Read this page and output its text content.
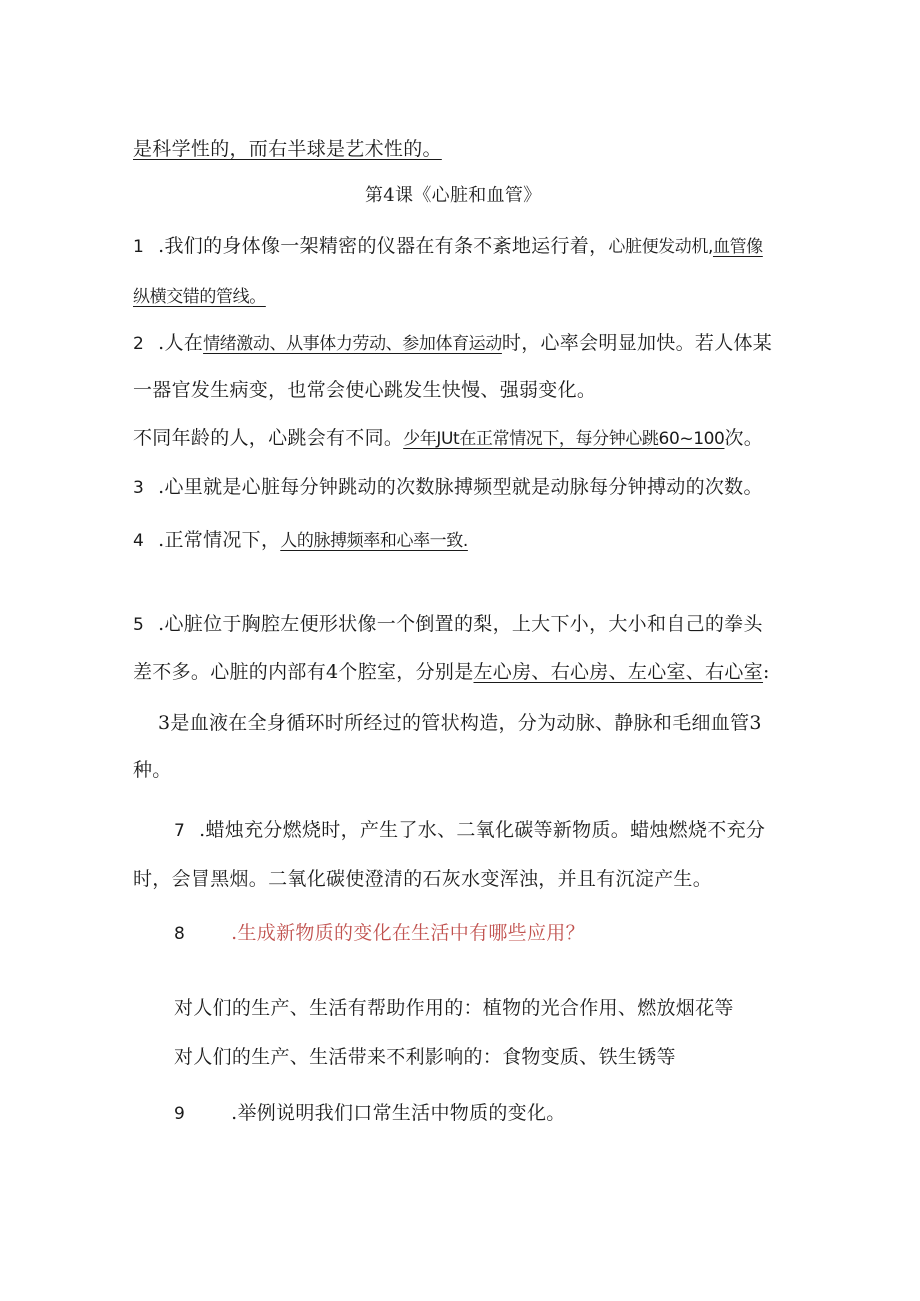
是科学性的，而右半球是艺术性的。
第4课《心脏和血管》
1 .我们的身体像一架精密的仪器在有条不紊地运行着，心脏便发动机,血管像
纵横交错的管线。
2 .人在情绪激动、从事体力劳动、参加体育运动时，心率会明显加快。若人体某
一器官发生病变，也常会使心跳发生快慢、强弱变化。
不同年龄的人，心跳会有不同。少年JUt在正常情况下，每分钟心跳60~100次。
3 .心里就是心脏每分钟跳动的次数脉搏频型就是动脉每分钟搏动的次数。
4 .正常情况下，人的脉搏频率和心率一致.
5 .心脏位于胸腔左便形状像一个倒置的梨，上大下小，大小和自己的拳头
差不多。心脏的内部有4个腔室，分别是左心房、右心房、左心室、右心室:
3是血液在全身循环时所经过的管状构造，分为动脉、静脉和毛细血管3
种。
7 .蜡烛充分燃烧时，产生了水、二氧化碳等新物质。蜡烛燃烧不充分
时，会冒黑烟。二氧化碳使澄清的石灰水变浑浊，并且有沉淀产生。
8 .生成新物质的变化在生活中有哪些应用？
对人们的生产、生活有帮助作用的：植物的光合作用、燃放烟花等
对人们的生产、生活带来不利影响的：食物变质、铁生锈等
9 .举例说明我们口常生活中物质的变化。
